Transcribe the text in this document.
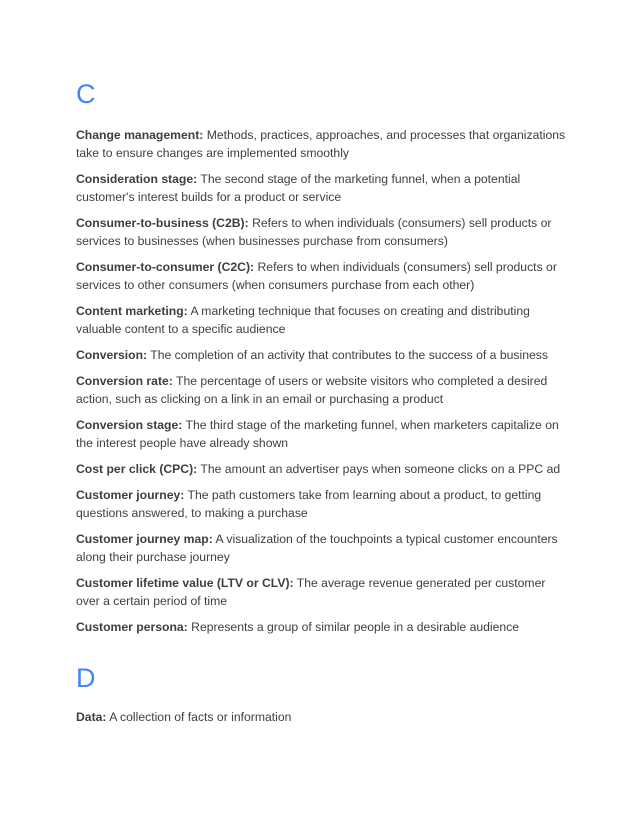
C

Change management: Methods, practices, approaches, and processes that organizations take to ensure changes are implemented smoothly

Consideration stage: The second stage of the marketing funnel, when a potential customer's interest builds for a product or service

Consumer-to-business (C2B): Refers to when individuals (consumers) sell products or services to businesses (when businesses purchase from consumers)

Consumer-to-consumer (C2C): Refers to when individuals (consumers) sell products or services to other consumers (when consumers purchase from each other)

Content marketing: A marketing technique that focuses on creating and distributing valuable content to a specific audience

Conversion: The completion of an activity that contributes to the success of a business

Conversion rate: The percentage of users or website visitors who completed a desired action, such as clicking on a link in an email or purchasing a product

Conversion stage: The third stage of the marketing funnel, when marketers capitalize on the interest people have already shown

Cost per click (CPC): The amount an advertiser pays when someone clicks on a PPC ad

Customer journey: The path customers take from learning about a product, to getting questions answered, to making a purchase

Customer journey map: A visualization of the touchpoints a typical customer encounters along their purchase journey

Customer lifetime value (LTV or CLV): The average revenue generated per customer over a certain period of time

Customer persona: Represents a group of similar people in a desirable audience

D

Data: A collection of facts or information
